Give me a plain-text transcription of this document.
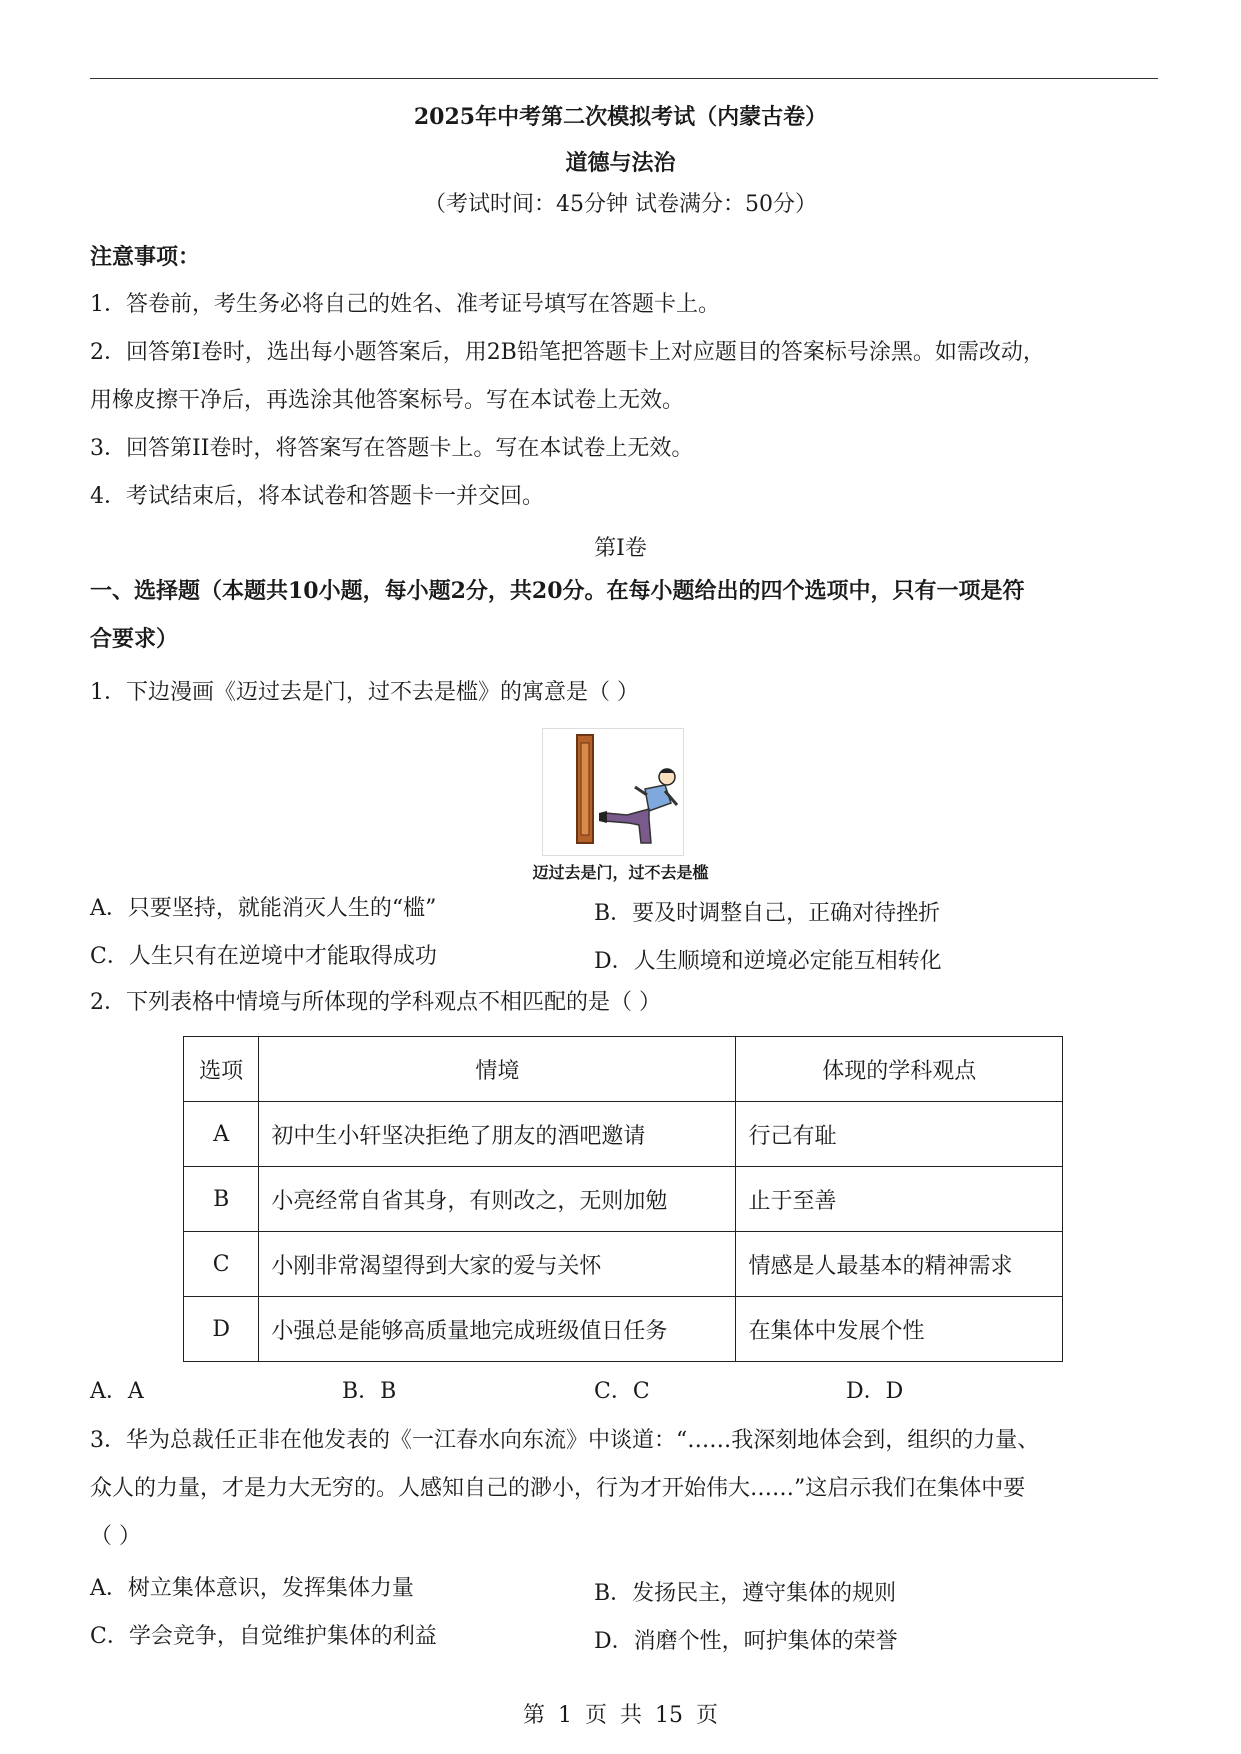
2025年中考第二次模拟考试（内蒙古卷）
道德与法治
（考试时间：45分钟 试卷满分：50分）
注意事项：
1．答卷前，考生务必将自己的姓名、准考证号填写在答题卡上。
2．回答第I卷时，选出每小题答案后，用2B铅笔把答题卡上对应题目的答案标号涂黑。如需改动，
用橡皮擦干净后，再选涂其他答案标号。写在本试卷上无效。
3．回答第II卷时，将答案写在答题卡上。写在本试卷上无效。
4．考试结束后，将本试卷和答题卡一并交回。
第I卷
一、选择题（本题共10小题，每小题2分，共20分。在每小题给出的四个选项中，只有一项是符
合要求）
1．下边漫画《迈过去是门，过不去是槛》的寓意是（ ）
迈过去是门，过不去是槛
A．只要坚持，就能消灭人生的“槛”	B．要及时调整自己，正确对待挫折
C．人生只有在逆境中才能取得成功	D．人生顺境和逆境必定能互相转化
2．下列表格中情境与所体现的学科观点不相匹配的是（ ）
选项	情境	体现的学科观点
A	初中生小轩坚决拒绝了朋友的酒吧邀请	行己有耻
B	小亮经常自省其身，有则改之，无则加勉	止于至善
C	小刚非常渴望得到大家的爱与关怀	情感是人最基本的精神需求
D	小强总是能够高质量地完成班级值日任务	在集体中发展个性
A．A	B．B	C．C	D．D
3．华为总裁任正非在他发表的《一江春水向东流》中谈道：“……我深刻地体会到，组织的力量、
众人的力量，才是力大无穷的。人感知自己的渺小，行为才开始伟大……”这启示我们在集体中要
（ ）
A．树立集体意识，发挥集体力量	B．发扬民主，遵守集体的规则
C．学会竞争，自觉维护集体的利益	D．消磨个性，呵护集体的荣誉
第 1 页 共 15 页
